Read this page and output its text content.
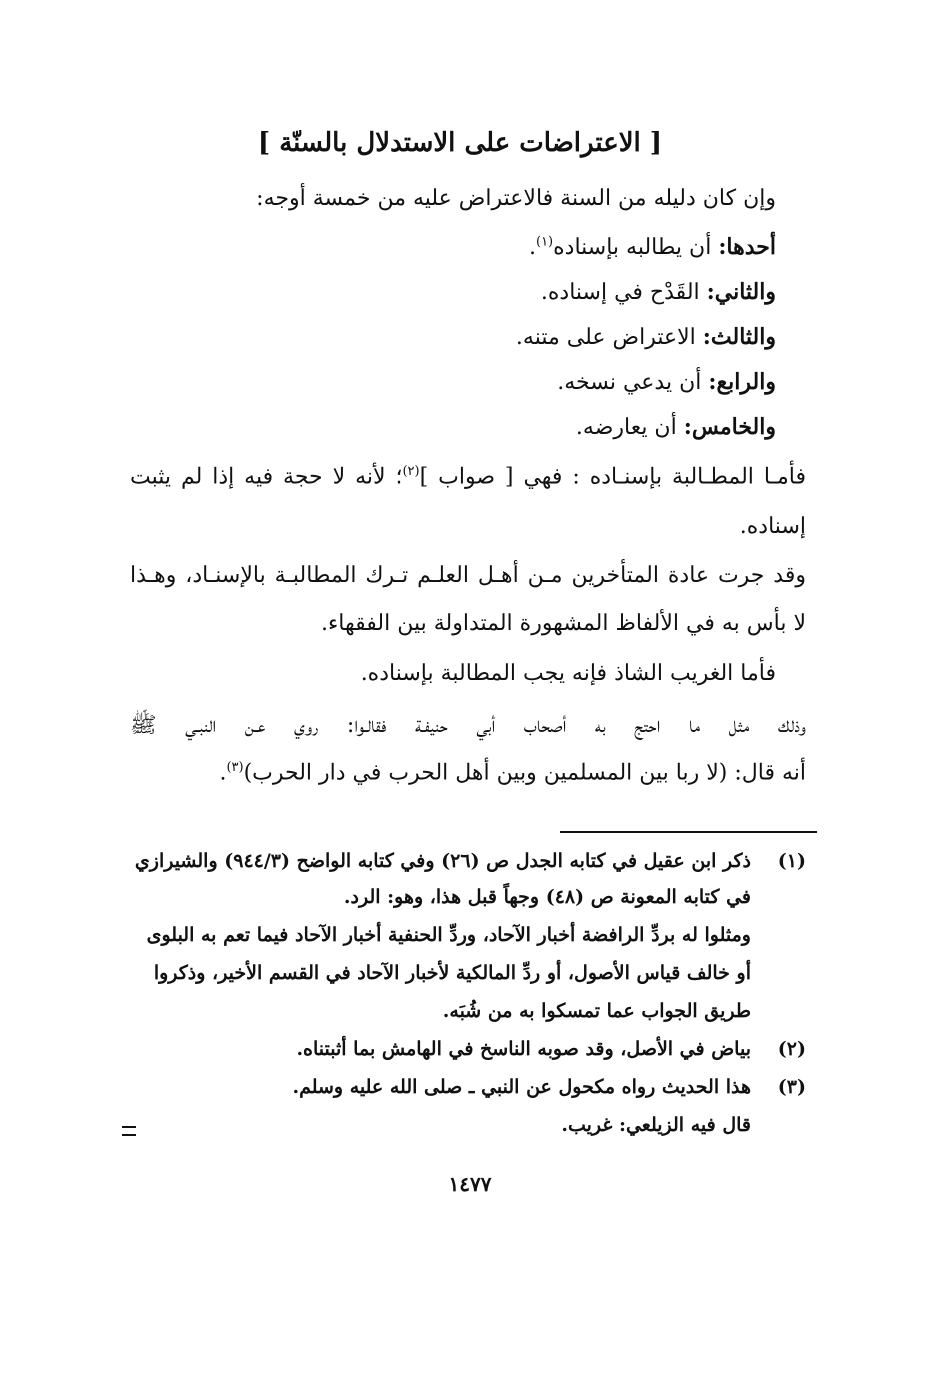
[ الاعتراضات على الاستدلال بالسنّة ]
وإن كان دليله من السنة فالاعتراض عليه من خمسة أوجه:
أحدها: أن يطالبه بإسناده$^{(١)}$.
والثاني: القَدْح في إسناده.
والثالث: الاعتراض على متنه.
والرابع: أن يدعي نسخه.
والخامس: أن يعارضه.
فأمـا المطـالبة بإسنـاده : فهي [ صواب ]$^{(٢)}$؛ لأنه لا حجة فيه إذا لم يثبت
إسناده.
وقد جرت عادة المتأخرين مـن أهـل العلـم تـرك المطالبـة بالإسنـاد، وهـذا
لا بأس به في الألفاظ المشهورة المتداولة بين الفقهاء.
فأما الغريب الشاذ فإنه يجب المطالبة بإسناده.
وذلك مثل ما احتج به أصحاب أبي حنيفـة فقالـوا: روي عـن النبـي ﷺ
أنه قال: (لا ربا بين المسلمين وبين أهل الحرب في دار الحرب)$^{(٣)}$.
(١)
ذكر ابن عقيل في كتابه الجدل ص (٢٦) وفي كتابه الواضح (٩٤٤/٣) والشيرازي
في كتابه المعونة ص (٤٨) وجهاً قبل هذا، وهو: الرد.
ومثلوا له بردِّ الرافضة أخبار الآحاد، وردِّ الحنفية أخبار الآحاد فيما تعم به البلوى
أو خالف قياس الأصول، أو ردِّ المالكية لأخبار الآحاد في القسم الأخير، وذكروا
طريق الجواب عما تمسكوا به من شُبَه.
(٢)
بياض في الأصل، وقد صوبه الناسخ في الهامش بما أثبتناه.
(٣)
هذا الحديث رواه مكحول عن النبي ـ صلى الله عليه وسلم.
قال فيه الزيلعي: غريب.
١٤٧٧
